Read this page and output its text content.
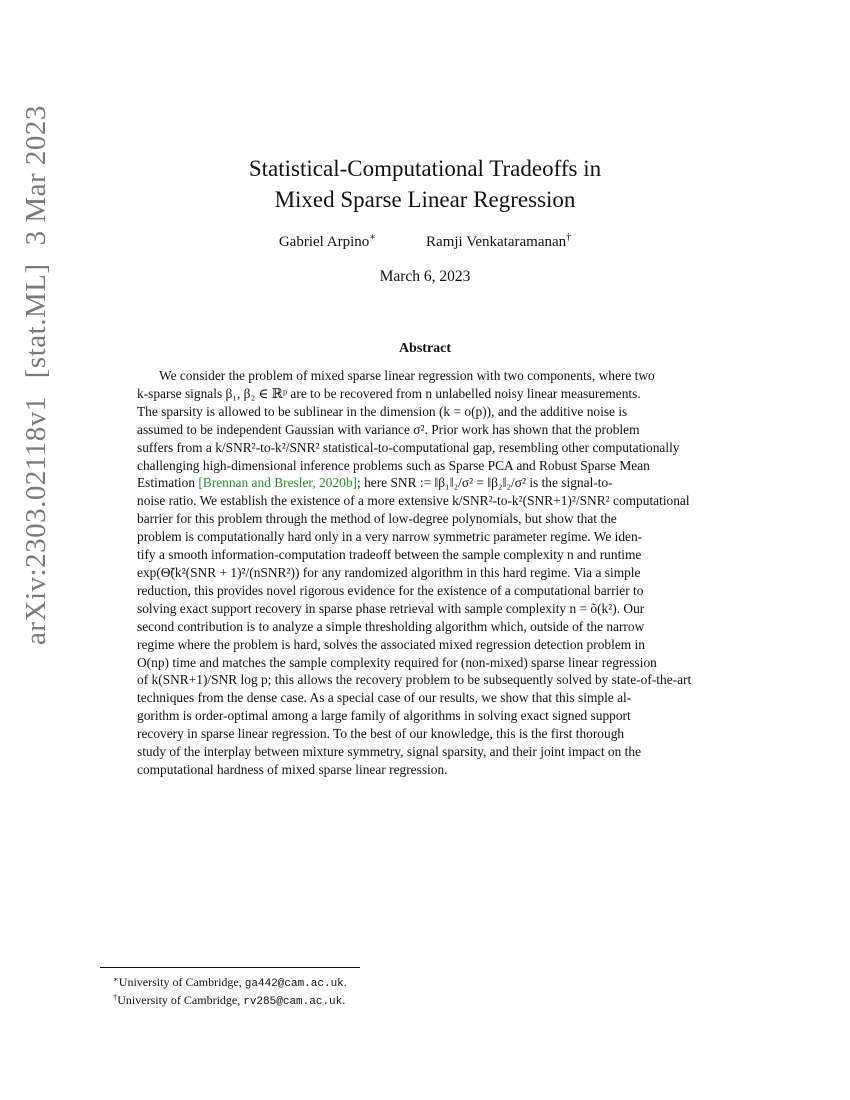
arXiv:2303.02118v1[stat.ML]3 Mar 2023	Statistical-Computational Tradeoffs in
Mixed Sparse Linear Regression
Gabriel Arpino∗	Ramji Venkataramanan†
March 6, 2023
Abstract
We consider the problem of mixed sparse linear regression with two components, where two
k-sparse signals β₁, β₂ ∈ ℝᵖ are to be recovered from n unlabelled noisy linear measurements.
The sparsity is allowed to be sublinear in the dimension (k = o(p)), and the additive noise is
assumed to be independent Gaussian with variance σ². Prior work has shown that the problem
suffers from a k/SNR²-to-k²/SNR² statistical-to-computational gap, resembling other computationally
challenging high-dimensional inference problems such as Sparse PCA and Robust Sparse Mean
Estimation [Brennan and Bresler, 2020b]; here SNR := ‖β₁‖₂/σ² = ‖β₂‖₂/σ² is the signal-to-
noise ratio. We establish the existence of a more extensive k/SNR²-to-k²(SNR+1)²/SNR² computational
barrier for this problem through the method of low-degree polynomials, but show that the
problem is computationally hard only in a very narrow symmetric parameter regime. We iden-
tify a smooth information-computation tradeoff between the sample complexity n and runtime
exp(Θ̃(k²(SNR + 1)²/(nSNR²)) for any randomized algorithm in this hard regime. Via a simple
reduction, this provides novel rigorous evidence for the existence of a computational barrier to
solving exact support recovery in sparse phase retrieval with sample complexity n = õ(k²). Our
second contribution is to analyze a simple thresholding algorithm which, outside of the narrow
regime where the problem is hard, solves the associated mixed regression detection problem in
O(np) time and matches the sample complexity required for (non-mixed) sparse linear regression
of k(SNR+1)/SNR log p; this allows the recovery problem to be subsequently solved by state-of-the-art
techniques from the dense case. As a special case of our results, we show that this simple al-
gorithm is order-optimal among a large family of algorithms in solving exact signed support
recovery in sparse linear regression. To the best of our knowledge, this is the first thorough
study of the interplay between mixture symmetry, signal sparsity, and their joint impact on the
computational hardness of mixed sparse linear regression.
∗University of Cambridge, ga442@cam.ac.uk.
†University of Cambridge, rv285@cam.ac.uk.
